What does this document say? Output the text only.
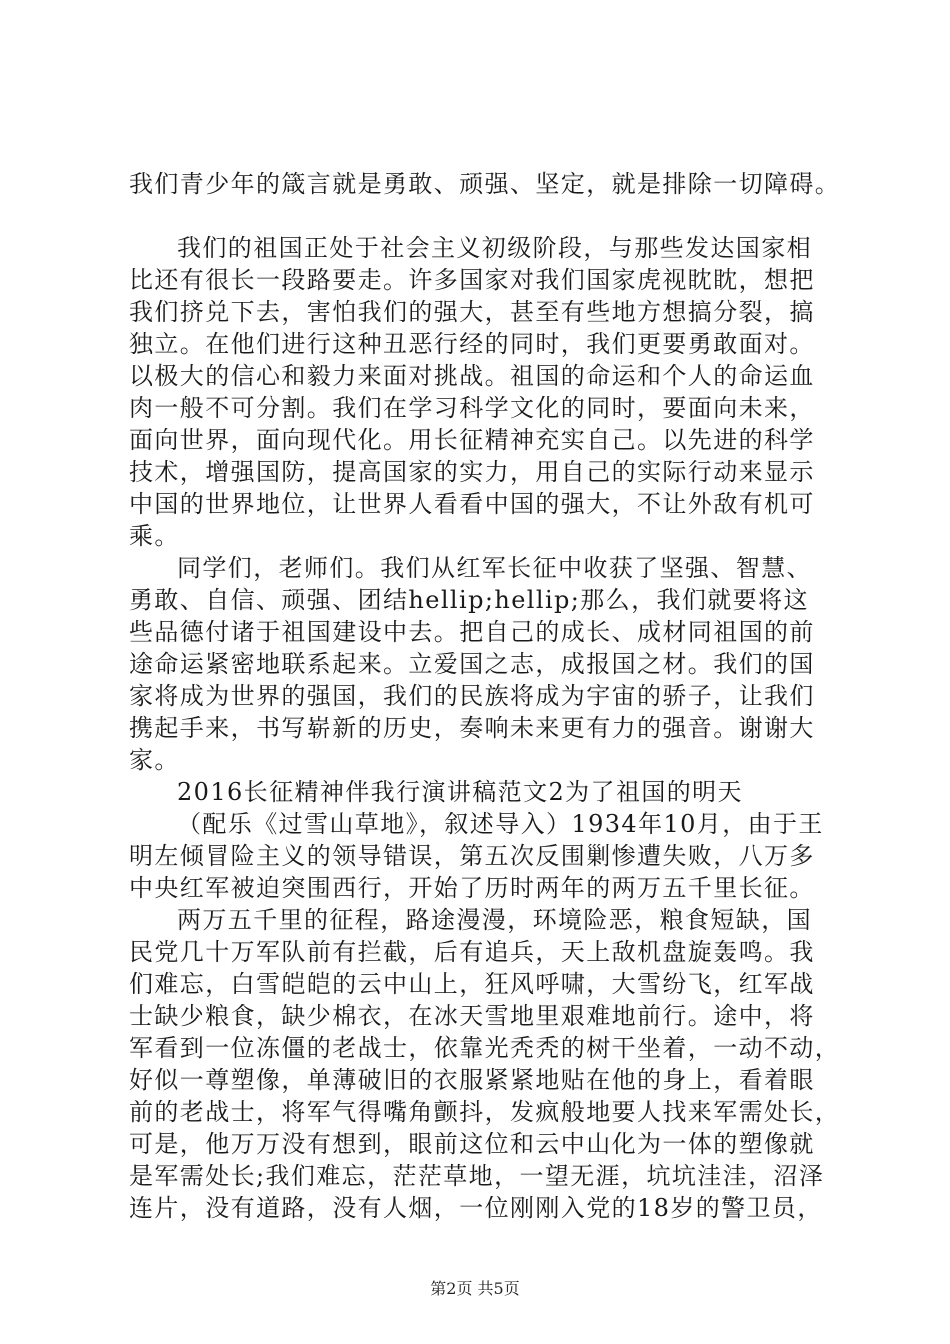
我们青少年的箴言就是勇敢、顽强、坚定，就是排除一切障碍。
我们的祖国正处于社会主义初级阶段，与那些发达国家相
比还有很长一段路要走。许多国家对我们国家虎视眈眈，想把
我们挤兑下去，害怕我们的强大，甚至有些地方想搞分裂，搞
独立。在他们进行这种丑恶行经的同时，我们更要勇敢面对。
以极大的信心和毅力来面对挑战。祖国的命运和个人的命运血
肉一般不可分割。我们在学习科学文化的同时，要面向未来，
面向世界，面向现代化。用长征精神充实自己。以先进的科学
技术，增强国防，提高国家的实力，用自己的实际行动来显示
中国的世界地位，让世界人看看中国的强大，不让外敌有机可
乘。
同学们，老师们。我们从红军长征中收获了坚强、智慧、
勇敢、自信、顽强、团结hellip;hellip;那么，我们就要将这
些品德付诸于祖国建设中去。把自己的成长、成材同祖国的前
途命运紧密地联系起来。立爱国之志，成报国之材。我们的国
家将成为世界的强国，我们的民族将成为宇宙的骄子，让我们
携起手来，书写崭新的历史，奏响未来更有力的强音。谢谢大
家。
2016长征精神伴我行演讲稿范文2为了祖国的明天
（配乐《过雪山草地》，叙述导入）1934年10月，由于王
明左倾冒险主义的领导错误，第五次反围剿惨遭失败，八万多
中央红军被迫突围西行，开始了历时两年的两万五千里长征。
两万五千里的征程，路途漫漫，环境险恶，粮食短缺，国
民党几十万军队前有拦截，后有追兵，天上敌机盘旋轰鸣。我
们难忘，白雪皑皑的云中山上，狂风呼啸，大雪纷飞，红军战
士缺少粮食，缺少棉衣，在冰天雪地里艰难地前行。途中，将
军看到一位冻僵的老战士，依靠光秃秃的树干坐着，一动不动，
好似一尊塑像，单薄破旧的衣服紧紧地贴在他的身上，看着眼
前的老战士，将军气得嘴角颤抖，发疯般地要人找来军需处长，
可是，他万万没有想到，眼前这位和云中山化为一体的塑像就
是军需处长;我们难忘，茫茫草地，一望无涯，坑坑洼洼，沼泽
连片，没有道路，没有人烟，一位刚刚入党的18岁的警卫员，
第2页 共5页
